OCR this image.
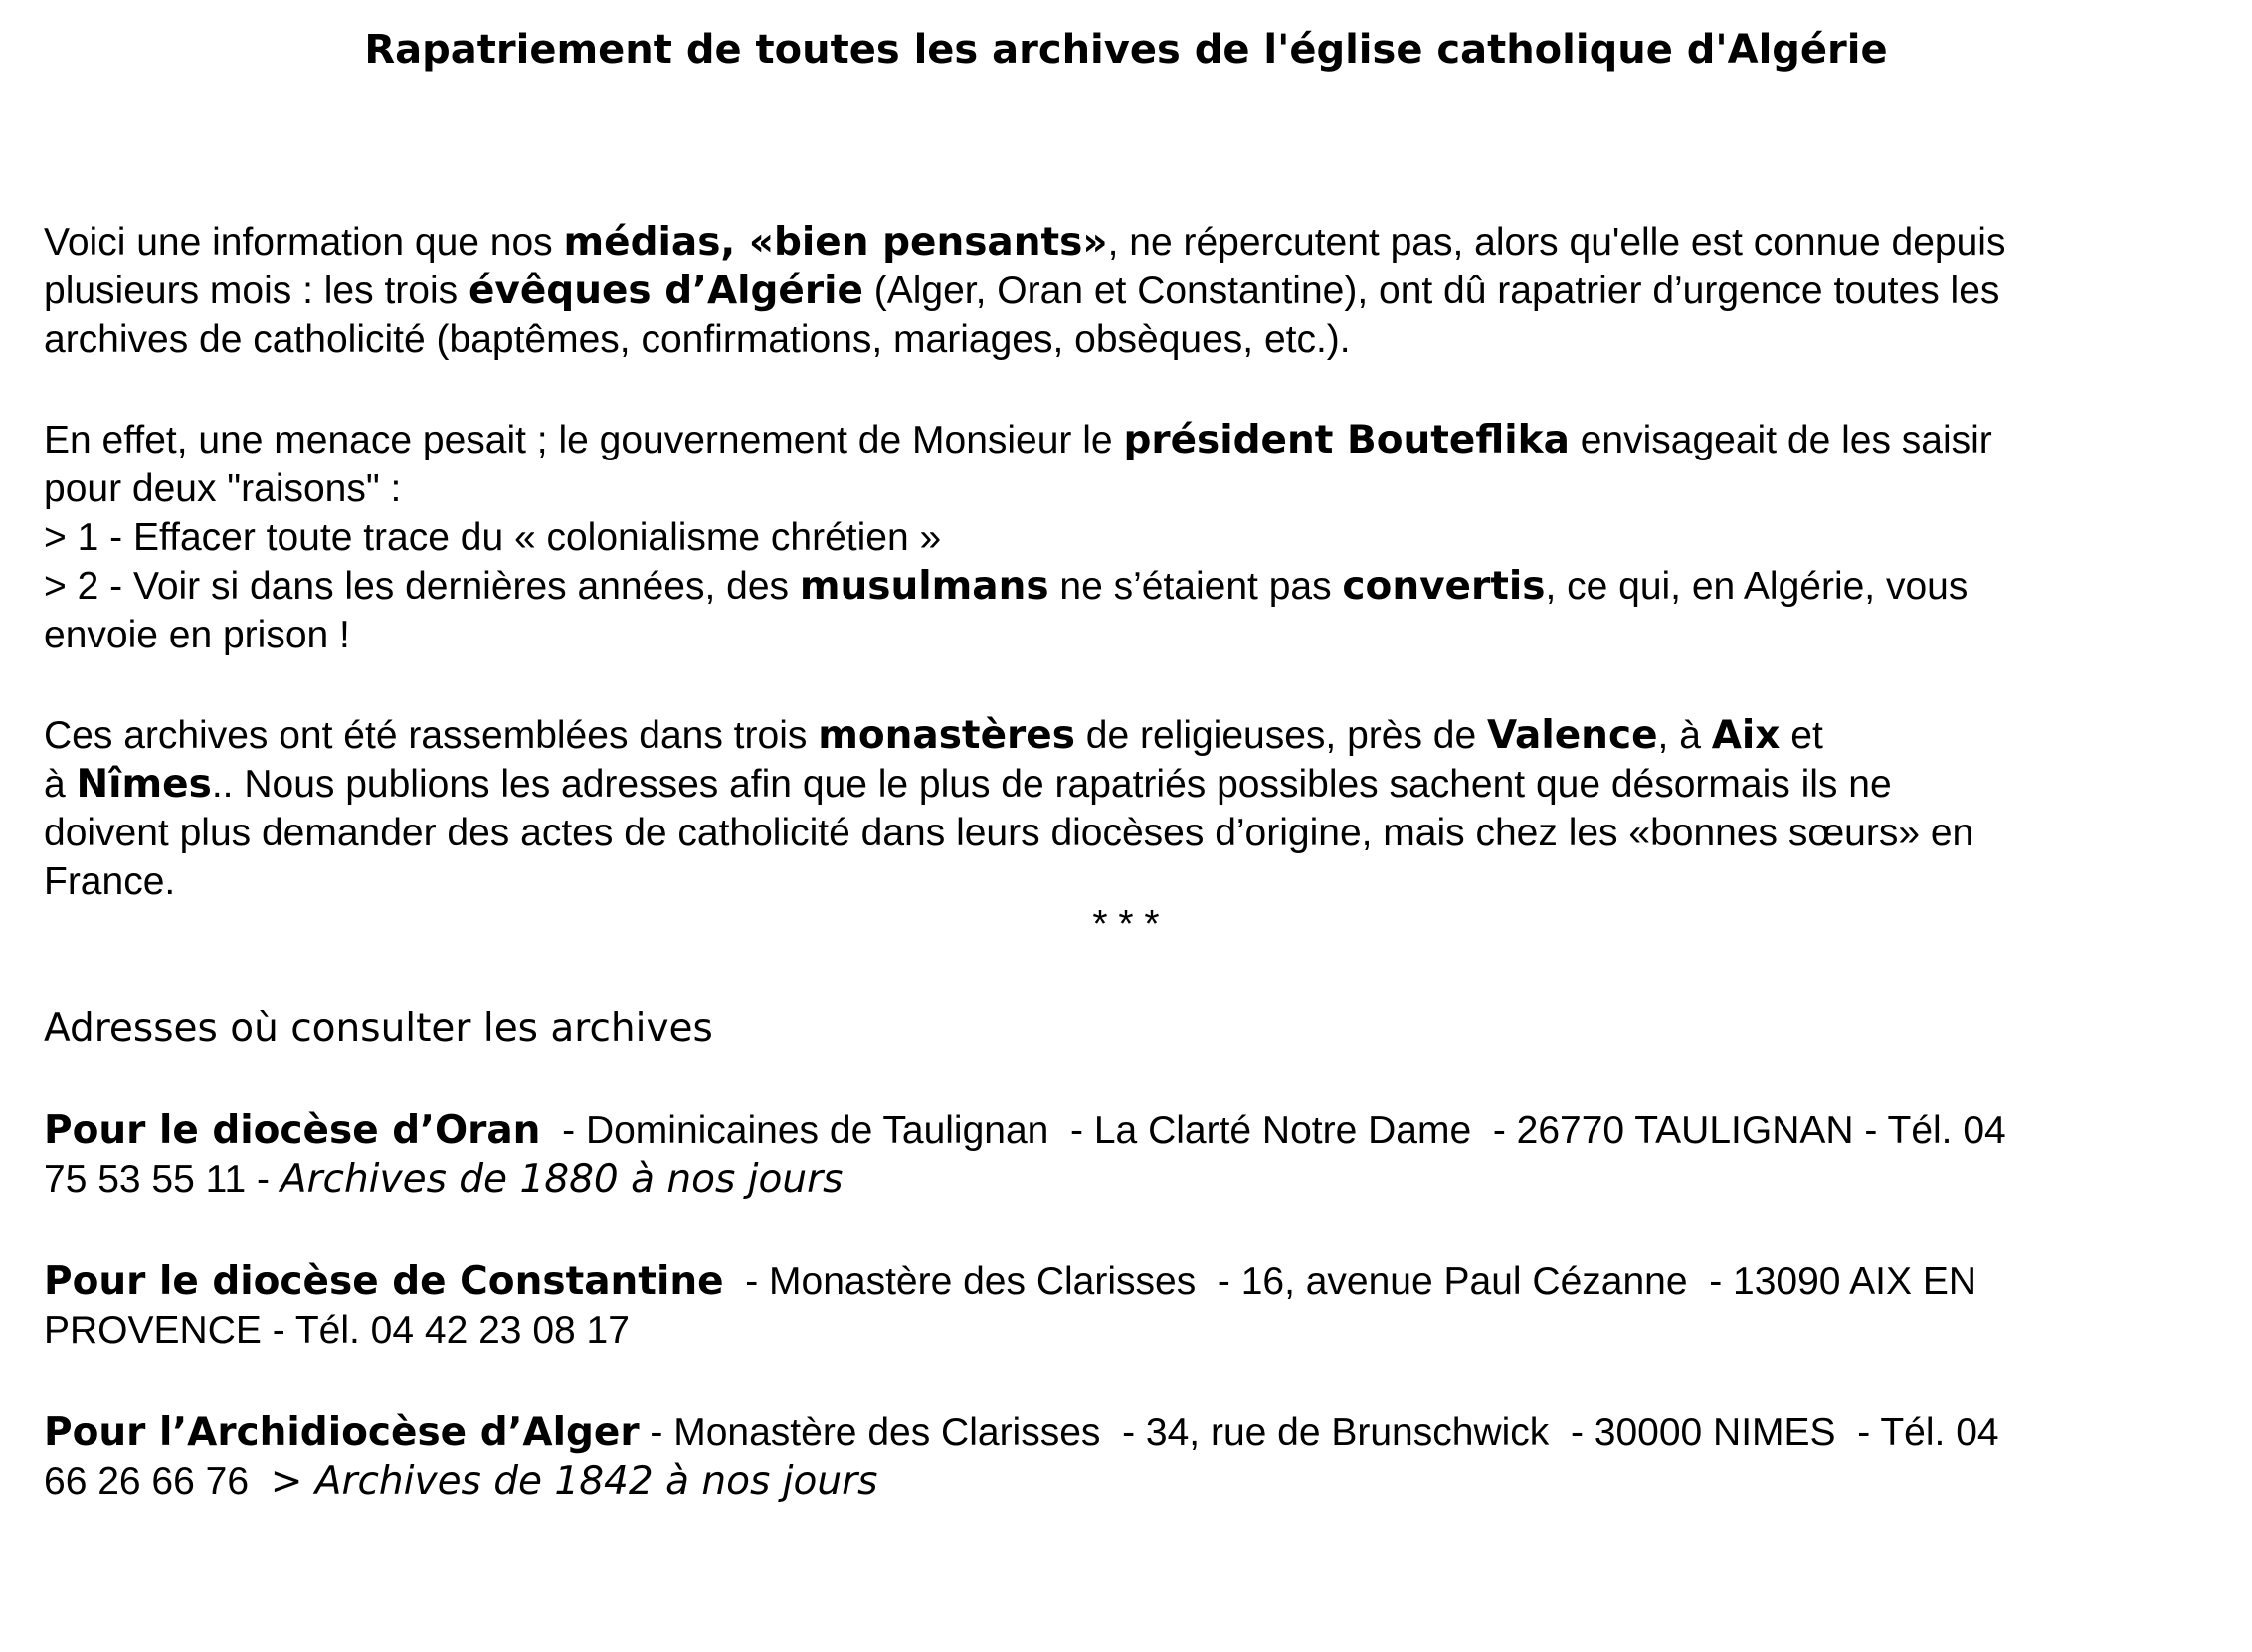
Rapatriement de toutes les archives de l'église catholique d'Algérie
Voici une information que nos médias, «bien pensants», ne répercutent pas, alors qu'elle est connue depuis
plusieurs mois : les trois évêques d’Algérie (Alger, Oran et Constantine), ont dû rapatrier d’urgence toutes les
archives de catholicité (baptêmes, confirmations, mariages, obsèques, etc.).
En effet, une menace pesait ; le gouvernement de Monsieur le président Bouteflika envisageait de les saisir
pour deux "raisons" :
> 1 - Effacer toute trace du « colonialisme chrétien »
> 2 - Voir si dans les dernières années, des musulmans ne s’étaient pas convertis, ce qui, en Algérie, vous
envoie en prison !
Ces archives ont été rassemblées dans trois monastères de religieuses, près de Valence, à Aix et
à Nîmes.. Nous publions les adresses afin que le plus de rapatriés possibles sachent que désormais ils ne
doivent plus demander des actes de catholicité dans leurs diocèses d’origine, mais chez les «bonnes sœurs» en
France.
* * *
Adresses où consulter les archives
Pour le diocèse d’Oran  - Dominicaines de Taulignan  - La Clarté Notre Dame  - 26770 TAULIGNAN - Tél. 04
75 53 55 11 - Archives de 1880 à nos jours
Pour le diocèse de Constantine  - Monastère des Clarisses  - 16, avenue Paul Cézanne  - 13090 AIX EN
PROVENCE - Tél. 04 42 23 08 17
Pour l’Archidiocèse d’Alger - Monastère des Clarisses  - 34, rue de Brunschwick  - 30000 NIMES  - Tél. 04
66 26 66 76  > Archives de 1842 à nos jours
